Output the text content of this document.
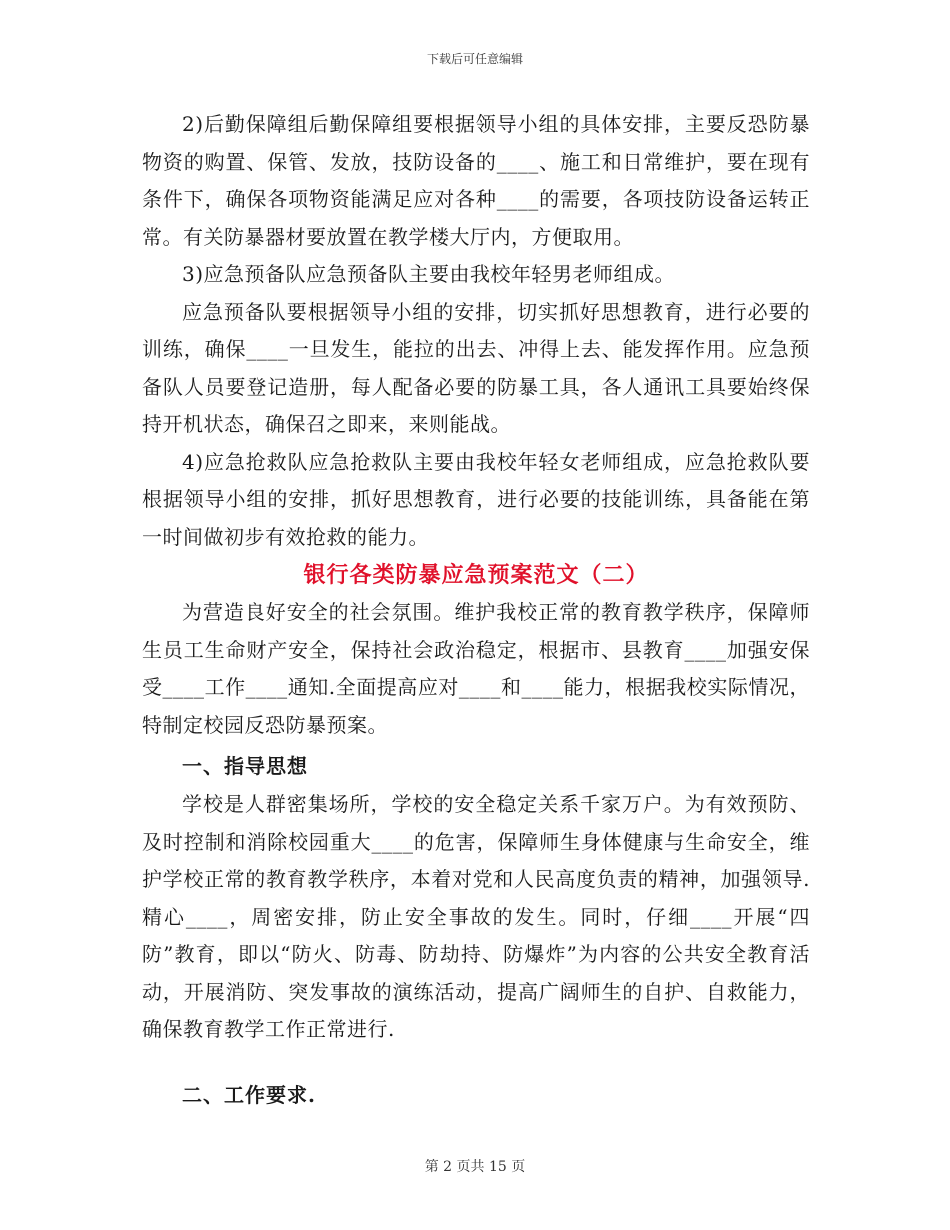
下载后可任意编辑

2)后勤保障组后勤保障组要根据领导小组的具体安排，主要反恐防暴物资的购置、保管、发放，技防设备的____、施工和日常维护，要在现有条件下，确保各项物资能满足应对各种____的需要，各项技防设备运转正常。有关防暴器材要放置在教学楼大厅内，方便取用。

3)应急预备队应急预备队主要由我校年轻男老师组成。

应急预备队要根据领导小组的安排，切实抓好思想教育，进行必要的训练，确保____一旦发生，能拉的出去、冲得上去、能发挥作用。应急预备队人员要登记造册，每人配备必要的防暴工具，各人通讯工具要始终保持开机状态，确保召之即来，来则能战。

4)应急抢救队应急抢救队主要由我校年轻女老师组成，应急抢救队要根据领导小组的安排，抓好思想教育，进行必要的技能训练，具备能在第一时间做初步有效抢救的能力。

银行各类防暴应急预案范文（二）

为营造良好安全的社会氛围。维护我校正常的教育教学秩序，保障师生员工生命财产安全，保持社会政治稳定，根据市、县教育____加强安保受____工作____通知.全面提高应对____和____能力，根据我校实际情况，特制定校园反恐防暴预案。

一、指导思想

学校是人群密集场所，学校的安全稳定关系千家万户。为有效预防、及时控制和消除校园重大____的危害，保障师生身体健康与生命安全，维护学校正常的教育教学秩序，本着对党和人民高度负责的精神，加强领导.精心____，周密安排，防止安全事故的发生。同时，仔细____开展“四防”教育，即以“防火、防毒、防劫持、防爆炸”为内容的公共安全教育活动，开展消防、突发事故的演练活动，提高广阔师生的自护、自救能力，确保教育教学工作正常进行.

二、工作要求.
第 2 页共 15 页
